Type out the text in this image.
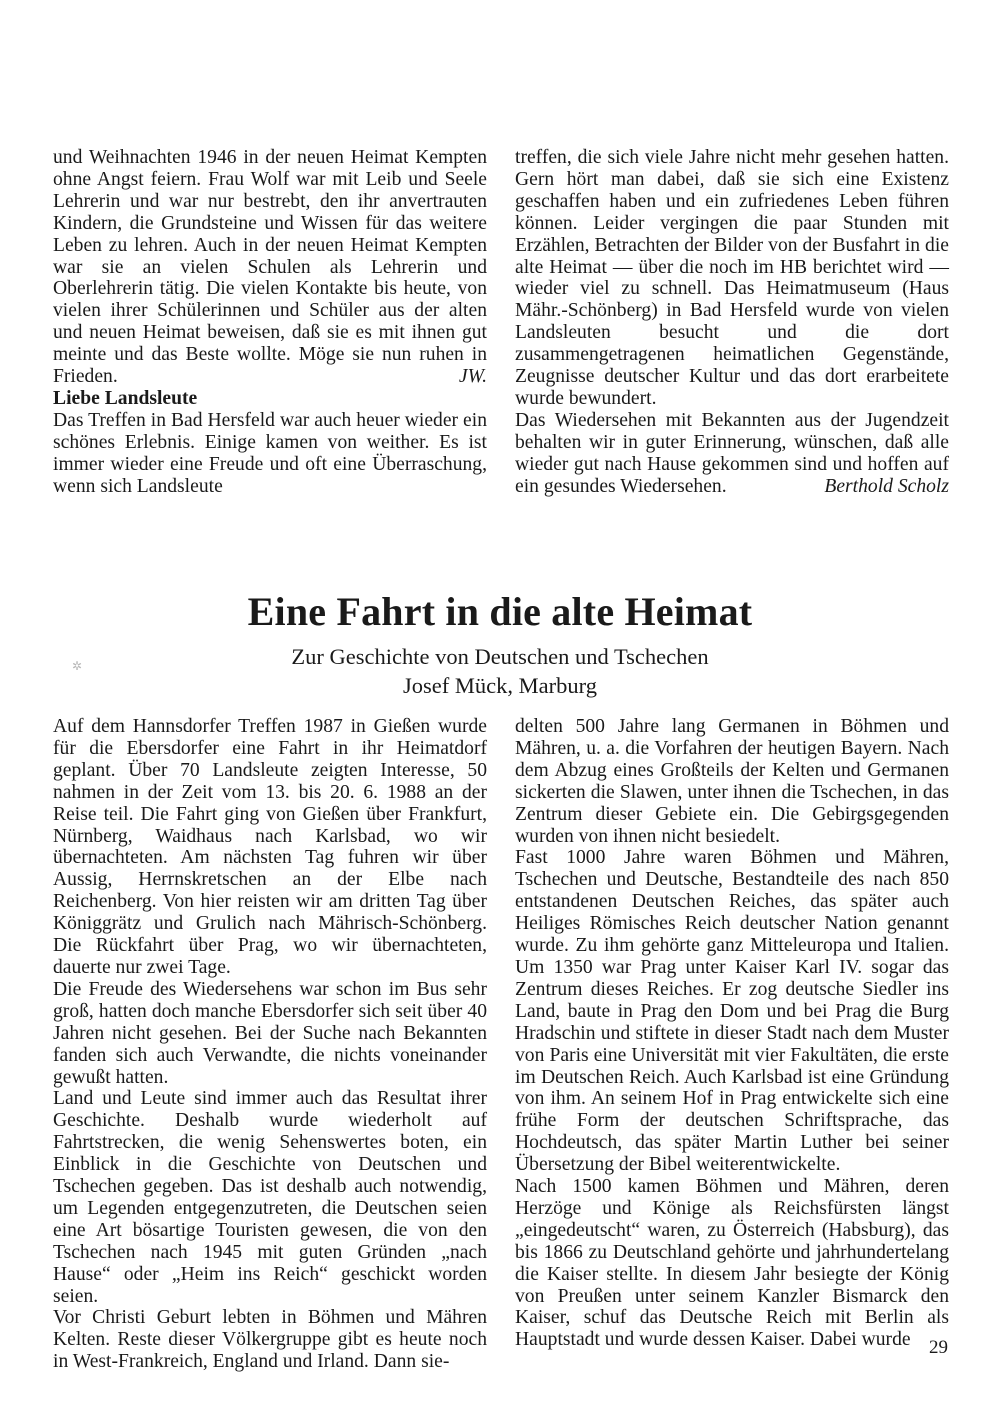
und Weihnachten 1946 in der neuen Heimat Kempten ohne Angst feiern. Frau Wolf war mit Leib und Seele Lehrerin und war nur bestrebt, den ihr anvertrauten Kindern, die Grundsteine und Wissen für das weitere Leben zu lehren. Auch in der neuen Heimat Kempten war sie an vielen Schulen als Lehrerin und Oberlehrerin tätig. Die vielen Kontakte bis heute, von vielen ihrer Schülerinnen und Schüler aus der alten und neuen Heimat beweisen, daß sie es mit ihnen gut meinte und das Beste wollte. Möge sie nun ruhen in Frieden.	JW.

Liebe Landsleute

Das Treffen in Bad Hersfeld war auch heuer wieder ein schönes Erlebnis. Einige kamen von weither. Es ist immer wieder eine Freude und oft eine Überraschung, wenn sich Landsleute

treffen, die sich viele Jahre nicht mehr gesehen hatten. Gern hört man dabei, daß sie sich eine Existenz geschaffen haben und ein zufriedenes Leben führen können. Leider vergingen die paar Stunden mit Erzählen, Betrachten der Bilder von der Busfahrt in die alte Heimat — über die noch im HB berichtet wird — wieder viel zu schnell. Das Heimatmuseum (Haus Mähr.-Schönberg) in Bad Hersfeld wurde von vielen Landsleuten besucht und die dort zusammengetragenen heimatlichen Gegenstände, Zeugnisse deutscher Kultur und das dort erarbeitete wurde bewundert.

Das Wiedersehen mit Bekannten aus der Jugendzeit behalten wir in guter Erinnerung, wünschen, daß alle wieder gut nach Hause gekommen sind und hoffen auf ein gesundes Wiedersehen.	Berthold Scholz

✲
Eine Fahrt in die alte Heimat

Zur Geschichte von Deutschen und Tschechen

Josef Mück, Marburg

Auf dem Hannsdorfer Treffen 1987 in Gießen wurde für die Ebersdorfer eine Fahrt in ihr Heimatdorf geplant. Über 70 Landsleute zeigten Interesse, 50 nahmen in der Zeit vom 13. bis 20. 6. 1988 an der Reise teil. Die Fahrt ging von Gießen über Frankfurt, Nürnberg, Waidhaus nach Karlsbad, wo wir übernachteten. Am nächsten Tag fuhren wir über Aussig, Herrnskretschen an der Elbe nach Reichenberg. Von hier reisten wir am dritten Tag über Königgrätz und Grulich nach Mährisch-Schönberg. Die Rückfahrt über Prag, wo wir übernachteten, dauerte nur zwei Tage.

Die Freude des Wiedersehens war schon im Bus sehr groß, hatten doch manche Ebersdorfer sich seit über 40 Jahren nicht gesehen. Bei der Suche nach Bekannten fanden sich auch Verwandte, die nichts voneinander gewußt hatten.

Land und Leute sind immer auch das Resultat ihrer Geschichte. Deshalb wurde wiederholt auf Fahrtstrecken, die wenig Sehenswertes boten, ein Einblick in die Geschichte von Deutschen und Tschechen gegeben. Das ist deshalb auch notwendig, um Legenden entgegenzutreten, die Deutschen seien eine Art bösartige Touristen gewesen, die von den Tschechen nach 1945 mit guten Gründen „nach Hause“ oder „Heim ins Reich“ geschickt worden seien.

Vor Christi Geburt lebten in Böhmen und Mähren Kelten. Reste dieser Völkergruppe gibt es heute noch in West-Frankreich, England und Irland. Dann sie-

delten 500 Jahre lang Germanen in Böhmen und Mähren, u. a. die Vorfahren der heutigen Bayern. Nach dem Abzug eines Großteils der Kelten und Germanen sickerten die Slawen, unter ihnen die Tschechen, in das Zentrum dieser Gebiete ein. Die Gebirgsgegenden wurden von ihnen nicht besiedelt.

Fast 1000 Jahre waren Böhmen und Mähren, Tschechen und Deutsche, Bestandteile des nach 850 entstandenen Deutschen Reiches, das später auch Heiliges Römisches Reich deutscher Nation genannt wurde. Zu ihm gehörte ganz Mitteleuropa und Italien. Um 1350 war Prag unter Kaiser Karl IV. sogar das Zentrum dieses Reiches. Er zog deutsche Siedler ins Land, baute in Prag den Dom und bei Prag die Burg Hradschin und stiftete in dieser Stadt nach dem Muster von Paris eine Universität mit vier Fakultäten, die erste im Deutschen Reich. Auch Karlsbad ist eine Gründung von ihm. An seinem Hof in Prag entwickelte sich eine frühe Form der deutschen Schriftsprache, das Hochdeutsch, das später Martin Luther bei seiner Übersetzung der Bibel weiterentwickelte.

Nach 1500 kamen Böhmen und Mähren, deren Herzöge und Könige als Reichsfürsten längst „eingedeutscht“ waren, zu Österreich (Habsburg), das bis 1866 zu Deutschland gehörte und jahrhundertelang die Kaiser stellte. In diesem Jahr besiegte der König von Preußen unter seinem Kanzler Bismarck den Kaiser, schuf das Deutsche Reich mit Berlin als Hauptstadt und wurde dessen Kaiser. Dabei wurde 29
